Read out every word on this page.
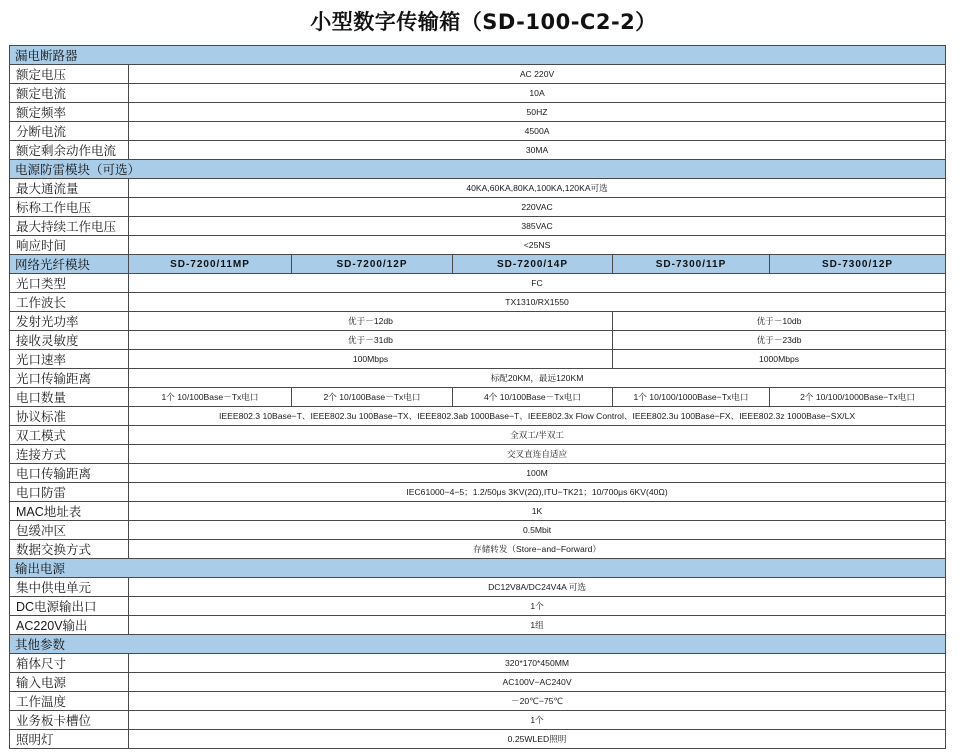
小型数字传输箱（SD-100-C2-2）
漏电断路器					
额定电压	AC 220V				
额定电流	10A				
额定频率	50HZ				
分断电流	4500A				
额定剩余动作电流	30MA				
电源防雷模块（可选）					
最大通流量	40KA,60KA,80KA,100KA,120KA可选				
标称工作电压	220VAC				
最大持续工作电压	385VAC				
响应时间	<25NS				
网络光纤模块	SD-7200/11MP	SD-7200/12P	SD-7200/14P	SD-7300/11P	SD-7300/12P
光口类型	FC				
工作波长	TX1310/RX1550				
发射光功率	优于－12db			优于－10db	
接收灵敏度	优于－31db			优于－23db	
光口速率	100Mbps			1000Mbps	
光口传输距离	标配20KM，最远120KM				
电口数量	1个 10/100Base－Tx电口	2个 10/100Base－Tx电口	4个 10/100Base－Tx电口	1个 10/100/1000Base−Tx电口	2个 10/100/1000Base−Tx电口
协议标准	IEEE802.3 10Base−T、IEEE802.3u 100Base−TX、IEEE802.3ab 1000Base−T、IEEE802.3x Flow Control、IEEE802.3u 100Base−FX、IEEE802.3z 1000Base−SX/LX				
双工模式	全双工/半双工				
连接方式	交叉直连自适应				
电口传输距离	100M				
电口防雷	IEC61000−4−5；1.2/50μs 3KV(2Ω),ITU−TK21；10/700μs 6KV(40Ω)				
MAC地址表	1K				
包缓冲区	0.5Mbit				
数据交换方式	存储转发（Store−and−Forward）				
输出电源					
集中供电单元	DC12V8A/DC24V4A 可选				
DC电源输出口	1个				
AC220V输出	1组				
其他参数					
箱体尺寸	320*170*450MM				
输入电源	AC100V−AC240V				
工作温度	－20℃−75℃				
业务板卡槽位	1个				
照明灯	0.25WLED照明				
